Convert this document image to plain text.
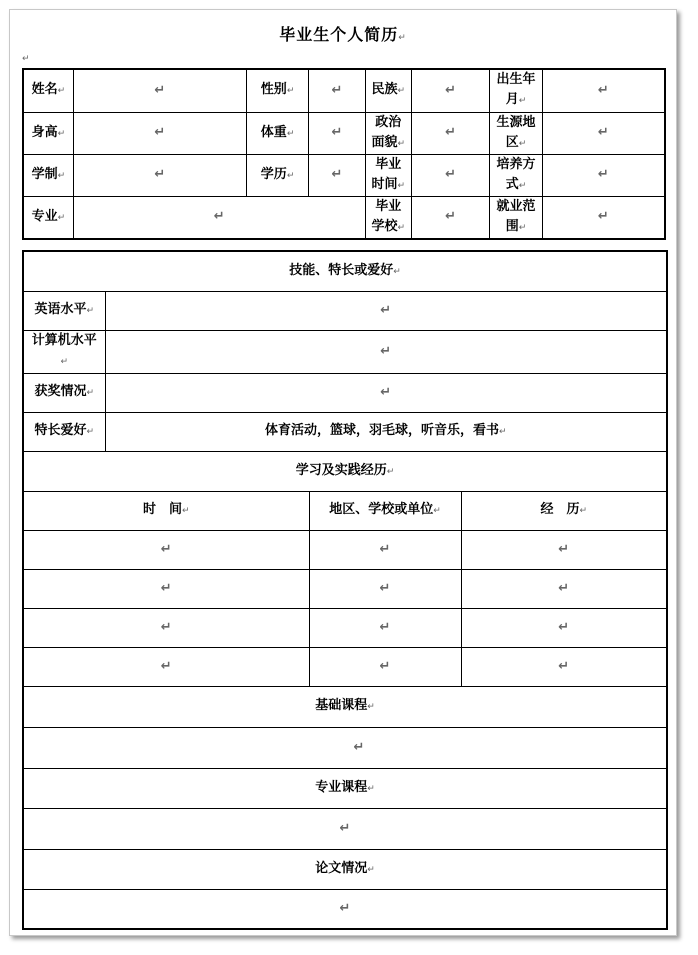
毕业生个人简历↵
↵
姓名↵	↵	性别↵	↵	民族↵	↵	出生年月↵	↵
身高↵	↵	体重↵	↵	政治面貌↵	↵	生源地区↵	↵
学制↵	↵	学历↵	↵	毕业时间↵	↵	培养方式↵	↵
专业↵	↵			毕业学校↵	↵	就业范围↵	↵
技能、特长或爱好↵			
英语水平↵	↵		
计算机水平↵	↵		
获奖情况↵	↵		
特长爱好↵	体育活动，篮球，羽毛球，听音乐，看书↵		
学习及实践经历↵			
时　间↵		地区、学校或单位↵	经　历↵
↵		↵	↵
↵		↵	↵
↵		↵	↵
↵		↵	↵
基础课程↵			
↵			
专业课程↵			
↵			
论文情况↵			
↵			
